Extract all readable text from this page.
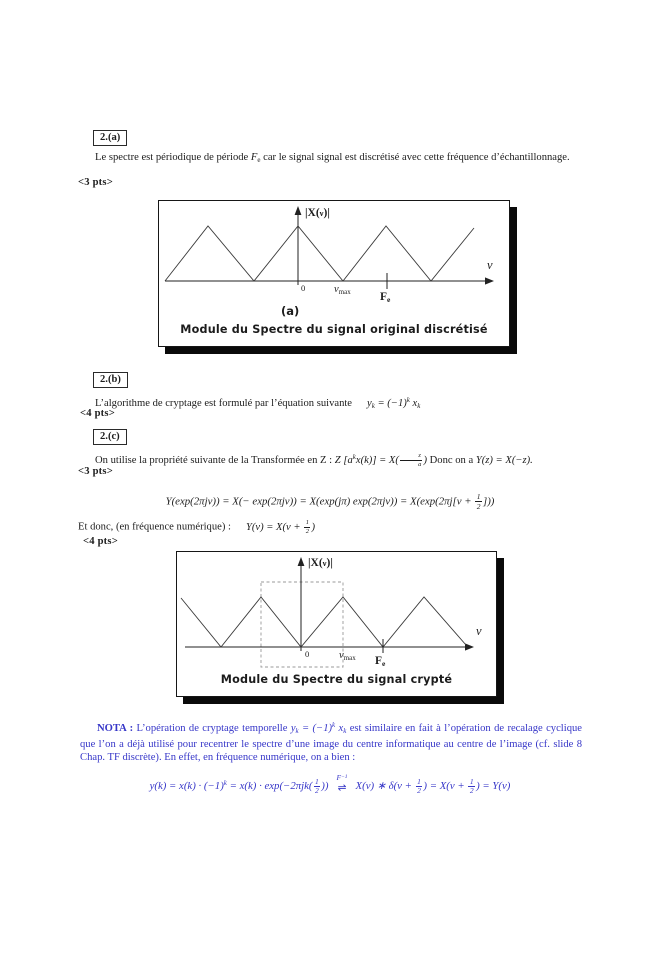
2.(a)
Le spectre est périodique de période $F_e$ car le signal signal est discrétisé avec cette fréquence d’échantillonnage.
<3 pts>
|X(ν)|
ν
0	$\nu_{max}$	$F_e$
(a)
Module du Spectre du signal original discrétisé
2.(b)
L’algorithme de cryptage est formulé par l’équation suivante $y_k = (-1)^k$ $x_k$
<4 pts>
2.(c)
On utilise la propriété suivante de la Transformée en Z : Z $[a^kx(k)] = X( \frac{z}{a}$ ) Donc on a Y(z) = X(−z).
<3 pts>
Y(exp(2πjν)) = X(− exp(2πjν)) = X(exp(jπ) $\exp(2\pi j\nu)) = X(\exp(2\pi j[\nu + \frac{1}{2}$ ]))
Et donc, (en fréquence numérique) : $Y(\nu) = X(\nu + \frac{1}{2}$ )
<4 pts>
|X(ν)|
ν
0	$\nu_{max}$ $F_e$
Module du Spectre du signal crypté
NOTA : L’opération de cryptage temporelle $y_k = (-1)^k$ $x_k$ est similaire en fait à l’opération de recalage cyclique que l’on a déjà utilisé pour recentrer le spectre d’une image du centre informatique au centre de l’image (cf. slide 8 Chap. TF discrète). En effet, en fréquence numérique, on a bien :
$y(k) = x(k) \cdot (-1)^k = x(k) \cdot \exp(-2\pi jk( \frac{1}{2}$ ))
$F^{-1}$
⇌ X(ν) ∗ $\delta(\nu + \frac{1}{2}$ ) = $X(\nu + \frac{1}{2}$ ) = Y(ν)
